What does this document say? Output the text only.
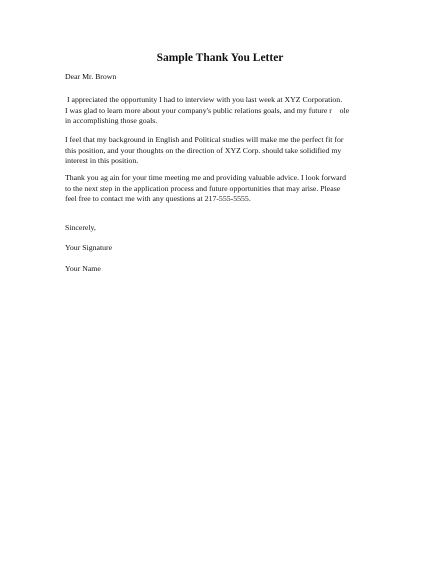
Sample Thank You Letter

Dear Mr. Brown

I appreciated the opportunity I had to interview with you last week at XYZ Corporation.
I was glad to learn more about your company's public relations goals, and my future r    ole
in accomplishing those goals.

I feel that my background in English and Political studies will make me the perfect fit for
this position, and your thoughts on the direction of XYZ Corp. should take solidified my
interest in this position.

Thank you ag ain for your time meeting me and providing valuable advice. I look forward
to the next step in the application process and future opportunities that may arise. Please
feel free to contact me with any questions at 217-555-5555.

Sincerely,

Your Signature

Your Name
